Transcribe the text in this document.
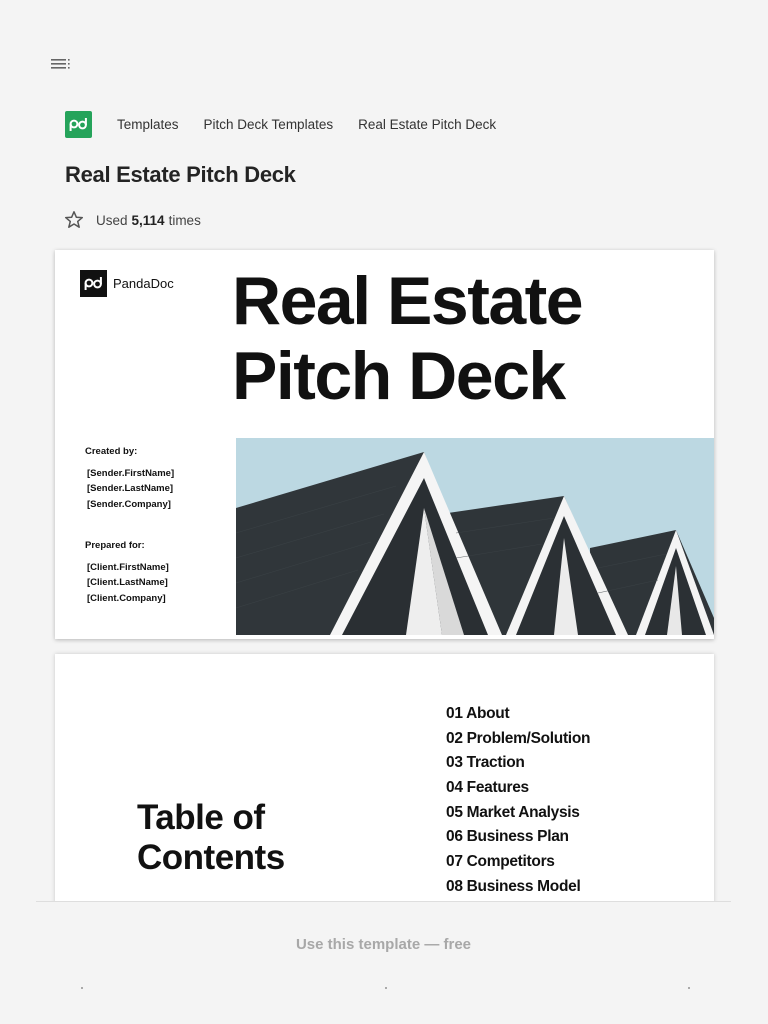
Templates Pitch Deck Templates Real Estate Pitch Deck
Real Estate Pitch Deck
Used 5,114 times
PandaDoc Real Estate
Pitch Deck
Created by:
[Sender.FirstName]
[Sender.LastName]
[Sender.Company]
Prepared for:
[Client.FirstName]
[Client.LastName]
[Client.Company]
Table of
Contents
01 About
02 Problem/Solution
03 Traction
04 Features
05 Market Analysis
06 Business Plan
07 Competitors
08 Business Model
Use this template — free
